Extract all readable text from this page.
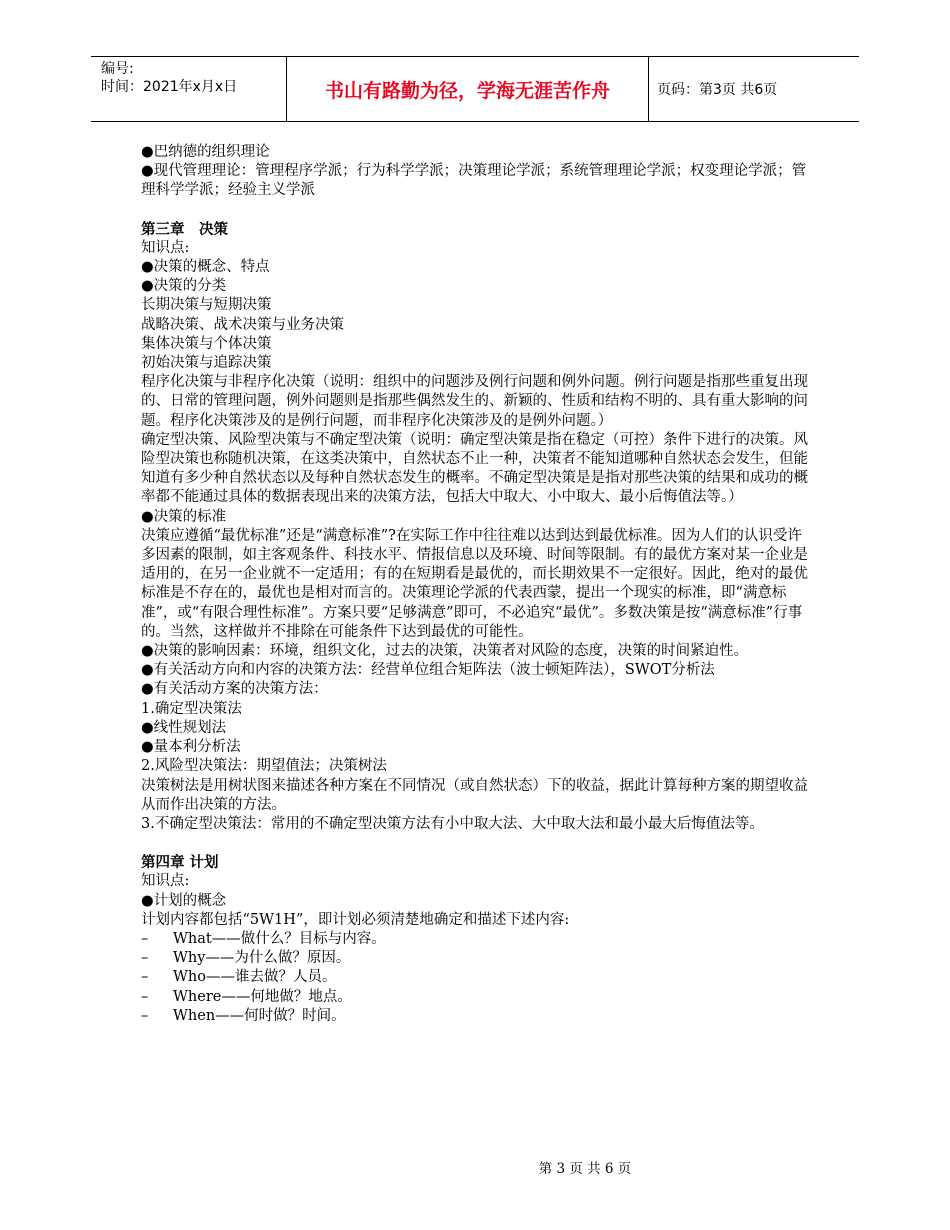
编号:
时间：2021年x月x日	书山有路勤为径，学海无涯苦作舟	页码：第3页 共6页

●巴纳德的组织理论

●现代管理理论：管理程序学派；行为科学学派；决策理论学派；系统管理理论学派；权变理论学派；管理科学学派；经验主义学派

第三章　决策

知识点:

●决策的概念、特点

●决策的分类

长期决策与短期决策

战略决策、战术决策与业务决策

集体决策与个体决策

初始决策与追踪决策

程序化决策与非程序化决策（说明：组织中的问题涉及例行问题和例外问题。例行问题是指那些重复出现的、日常的管理问题，例外问题则是指那些偶然发生的、新颖的、性质和结构不明的、具有重大影响的问题。程序化决策涉及的是例行问题，而非程序化决策涉及的是例外问题。）

确定型决策、风险型决策与不确定型决策（说明：确定型决策是指在稳定（可控）条件下进行的决策。风险型决策也称随机决策，在这类决策中，自然状态不止一种，决策者不能知道哪种自然状态会发生，但能知道有多少种自然状态以及每种自然状态发生的概率。不确定型决策是是指对那些决策的结果和成功的概率都不能通过具体的数据表现出来的决策方法，包括大中取大、小中取大、最小后悔值法等。）

●决策的标准

决策应遵循“最优标准”还是“满意标准”?在实际工作中往往难以达到达到最优标准。因为人们的认识受许多因素的限制，如主客观条件、科技水平、情报信息以及环境、时间等限制。有的最优方案对某一企业是适用的，在另一企业就不一定适用；有的在短期看是最优的，而长期效果不一定很好。因此，绝对的最优标准是不存在的，最优也是相对而言的。决策理论学派的代表西蒙，提出一个现实的标准，即“满意标准”，或“有限合理性标准”。方案只要“足够满意”即可，不必追究“最优”。多数决策是按“满意标准”行事的。当然，这样做并不排除在可能条件下达到最优的可能性。

●决策的影响因素：环境，组织文化，过去的决策，决策者对风险的态度，决策的时间紧迫性。

●有关活动方向和内容的决策方法：经营单位组合矩阵法（波士顿矩阵法），SWOT分析法

●有关活动方案的决策方法：

1.确定型决策法

●线性规划法

●量本利分析法

2.风险型决策法：期望值法；决策树法

决策树法是用树状图来描述各种方案在不同情况（或自然状态）下的收益，据此计算每种方案的期望收益从而作出决策的方法。

3.不确定型决策法：常用的不确定型决策方法有小中取大法、大中取大法和最小最大后悔值法等。

第四章 计划

知识点:

●计划的概念

计划内容都包括“5W1H”，即计划必须清楚地确定和描述下述内容:

–	What——做什么？目标与内容。
–	Why——为什么做？原因。
–	Who——谁去做？人员。
–	Where——何地做？地点。
–	When——何时做？时间。
第 3 页 共 6 页
